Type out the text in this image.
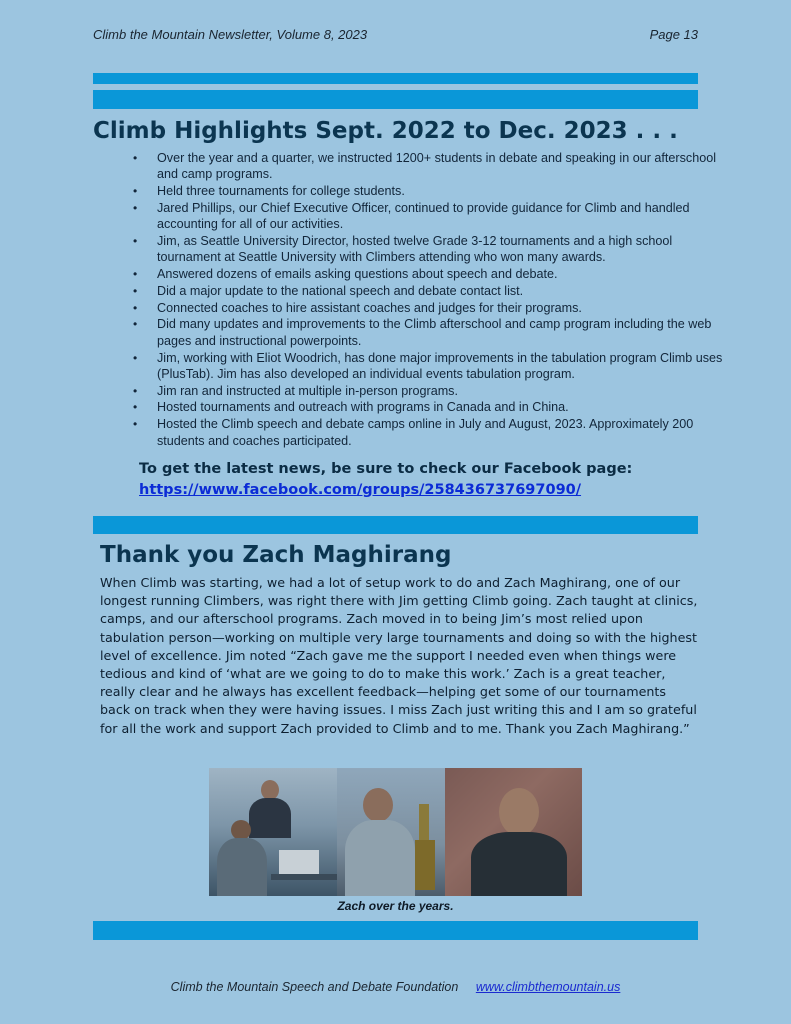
Climb the Mountain Newsletter, Volume 8, 2023	Page 13
Climb Highlights Sept. 2022 to Dec. 2023 . . .
• Over the year and a quarter, we instructed 1200+ students in debate and speaking in our afterschool and camp programs.
• Held three tournaments for college students.
• Jared Phillips, our Chief Executive Officer, continued to provide guidance for Climb and handled accounting for all of our activities.
• Jim, as Seattle University Director, hosted twelve Grade 3-12 tournaments and a high school tournament at Seattle University with Climbers attending who won many awards.
• Answered dozens of emails asking questions about speech and debate.
• Did a major update to the national speech and debate contact list.
• Connected coaches to hire assistant coaches and judges for their programs.
• Did many updates and improvements to the Climb afterschool and camp program including the web pages and instructional powerpoints.
• Jim, working with Eliot Woodrich, has done major improvements in the tabulation program Climb uses (PlusTab). Jim has also developed an individual events tabulation program.
• Jim ran and instructed at multiple in-person programs.
• Hosted tournaments and outreach with programs in Canada and in China.
• Hosted the Climb speech and debate camps online in July and August, 2023. Approximately 200 students and coaches participated.
To get the latest news, be sure to check our Facebook page:
https://www.facebook.com/groups/258436737697090/
Thank you Zach Maghirang
When Climb was starting, we had a lot of setup work to do and Zach Maghirang, one of our longest running Climbers, was right there with Jim getting Climb going. Zach taught at clinics, camps, and our afterschool programs. Zach moved in to being Jim’s most relied upon tabulation person—working on multiple very large tournaments and doing so with the highest level of excellence. Jim noted “Zach gave me the support I needed even when things were tedious and kind of ‘what are we going to do to make this work.’ Zach is a great teacher, really clear and he always has excellent feedback—helping get some of our tournaments back on track when they were having issues. I miss Zach just writing this and I am so grateful for all the work and support Zach provided to Climb and to me. Thank you Zach Maghirang.”
Zach over the years.
Climb the Mountain Speech and Debate Foundation www.climbthemountain.us
